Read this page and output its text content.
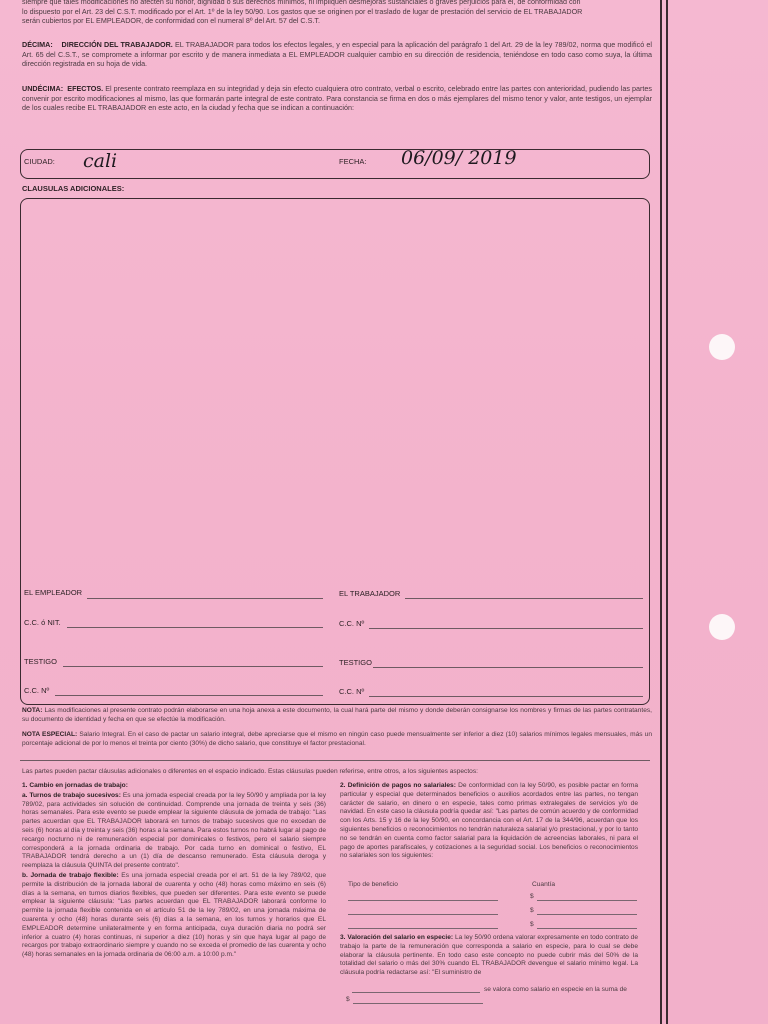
siempre que tales modificaciones no afecten su honor, dignidad o sus derechos mínimos, ni impliquen desmejoras sustanciales o graves perjuicios para él, de conformidad con
lo dispuesto por el Art. 23 del C.S.T. modificado por el Art. 1º de la ley 50/90. Los gastos que se originen por el traslado de lugar de prestación del servicio de EL TRABAJADOR
serán cubiertos por EL EMPLEADOR, de conformidad con el numeral 8º del Art. 57 del C.S.T.
DÉCIMA: DIRECCIÓN DEL TRABAJADOR. EL TRABAJADOR para todos los efectos legales, y en especial para la aplicación del parágrafo 1 del Art. 29 de la ley 789/02, norma que modificó el Art. 65 del C.S.T., se compromete a informar por escrito y de manera inmediata a EL EMPLEADOR cualquier cambio en su dirección de residencia, teniéndose en todo caso como suya, la última dirección registrada en su hoja de vida.
UNDÉCIMA: EFECTOS. El presente contrato reemplaza en su integridad y deja sin efecto cualquiera otro contrato, verbal o escrito, celebrado entre las partes con anterioridad, pudiendo las partes convenir por escrito modificaciones al mismo, las que formarán parte integral de este contrato. Para constancia se firma en dos o más ejemplares del mismo tenor y valor, ante testigos, un ejemplar de los cuales recibe EL TRABAJADOR en este acto, en la ciudad y fecha que se indican a continuación:
CIUDAD: cali	FECHA: 06/09/ 2019
CLAUSULAS ADICIONALES:
EL EMPLEADOR	EL TRABAJADOR
C.C. ó NIT.	C.C. Nº
TESTIGO	TESTIGO
C.C. Nº	C.C. Nº
NOTA: Las modificaciones al presente contrato podrán elaborarse en una hoja anexa a este documento, la cual hará parte del mismo y donde deberán consignarse los nombres y firmas de las partes contratantes, su documento de identidad y fecha en que se efectúe la modificación.
NOTA ESPECIAL: Salario Integral. En el caso de pactar un salario integral, debe apreciarse que el mismo en ningún caso puede mensualmente ser inferior a diez (10) salarios mínimos legales mensuales, más un porcentaje adicional de por lo menos el treinta por ciento (30%) de dicho salario, que constituye el factor prestacional.
Las partes pueden pactar cláusulas adicionales o diferentes en el espacio indicado. Estas cláusulas pueden referirse, entre otros, a los siguientes aspectos:
1. Cambio en jornadas de trabajo:
a. Turnos de trabajo sucesivos: Es una jornada especial creada por la ley 50/90 y ampliada por la ley 789/02, para actividades sin solución de continuidad. Comprende una jornada de treinta y seis (36) horas semanales. Para este evento se puede emplear la siguiente cláusula de jornada de trabajo: "Las partes acuerdan que EL TRABAJADOR laborará en turnos de trabajo sucesivos que no excedan de seis (6) horas al día y treinta y seis (36) horas a la semana. Para estos turnos no habrá lugar al pago de recargo nocturno ni de remuneración especial por dominicales o festivos, pero el salario siempre corresponderá a la jornada ordinaria de trabajo. Por cada turno en dominical o festivo, EL TRABAJADOR tendrá derecho a un (1) día de descanso remunerado. Esta cláusula deroga y reemplaza la cláusula QUINTA del presente contrato".
b. Jornada de trabajo flexible: Es una jornada especial creada por el art. 51 de la ley 789/02, que permite la distribución de la jornada laboral de cuarenta y ocho (48) horas como máximo en seis (6) días a la semana, en turnos diarios flexibles, que pueden ser diferentes. Para este evento se puede emplear la siguiente cláusula: "Las partes acuerdan que EL TRABAJADOR laborará conforme lo permite la jornada flexible contenida en el artículo 51 de la ley 789/02, en una jornada máxima de cuarenta y ocho (48) horas durante seis (6) días a la semana, en los turnos y horarios que EL EMPLEADOR determine unilateralmente y en forma anticipada, cuya duración diaria no podrá ser inferior a cuatro (4) horas continuas, ni superior a diez (10) horas y sin que haya lugar al pago de recargos por trabajo extraordinario siempre y cuando no se exceda el promedio de las cuarenta y ocho (48) horas semanales en la jornada ordinaria de 06:00 a.m. a 10:00 p.m."
2. Definición de pagos no salariales: De conformidad con la ley 50/90, es posible pactar en forma particular y especial que determinados beneficios o auxilios acordados entre las partes, no tengan carácter de salario, en dinero o en especie, tales como primas extralegales de servicios y/o de navidad. En este caso la cláusula podría quedar así: "Las partes de común acuerdo y de conformidad con los Arts. 15 y 16 de la ley 50/90, en concordancia con el Art. 17 de la 344/96, acuerdan que los siguientes beneficios o reconocimientos no tendrán naturaleza salarial y/o prestacional, y por lo tanto no se tendrán en cuenta como factor salarial para la liquidación de acreencias laborales, ni para el pago de aportes parafiscales, y cotizaciones a la seguridad social. Los beneficios o reconocimientos no salariales son los siguientes:
Tipo de beneficio	Cuantía
$
$
$
3. Valoración del salario en especie: La ley 50/90 ordena valorar expresamente en todo contrato de trabajo la parte de la remuneración que corresponda a salario en especie, para lo cual se debe elaborar la cláusula pertinente. En todo caso este concepto no puede cubrir más del 50% de la totalidad del salario o más del 30% cuando EL TRABAJADOR devengue el salario mínimo legal. La cláusula podría redactarse así: "El suministro de
se valora como salario en especie en la suma de
$
